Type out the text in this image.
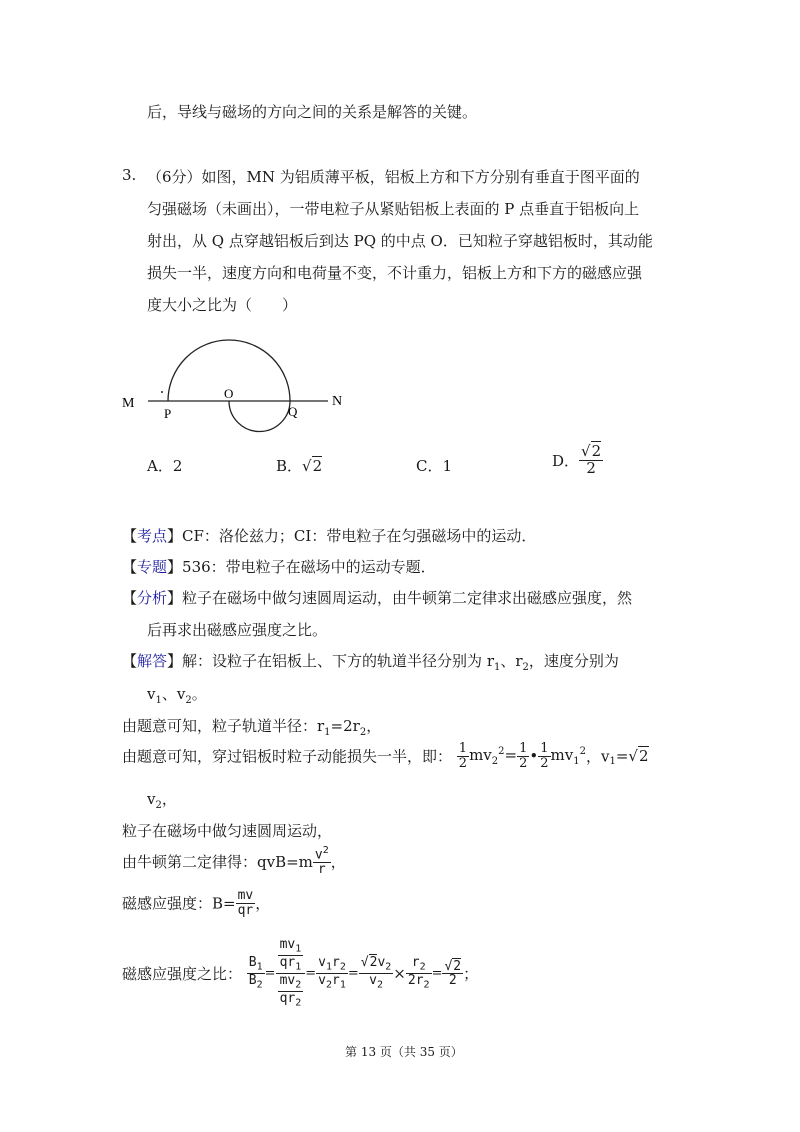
后，导线与磁场的方向之间的关系是解答的关键。
3. （6分）如图，MN 为铝质薄平板，铝板上方和下方分别有垂直于图平面的
匀强磁场（未画出），一带电粒子从紧贴铝板上表面的 P 点垂直于铝板向上
射出，从 Q 点穿越铝板后到达 PQ 的中点 O．已知粒子穿越铝板时，其动能
损失一半，速度方向和电荷量不变，不计重力，铝板上方和下方的磁感应强
度大小之比为（　　）
M
P
O
Q
N
A．2	B．√2	C．1	D． $\frac{√2}{2}$
【考点】CF：洛伦兹力；CI：带电粒子在匀强磁场中的运动．
【专题】536：带电粒子在磁场中的运动专题．
【分析】粒子在磁场中做匀速圆周运动，由牛顿第二定律求出磁感应强度，然
后再求出磁感应强度之比。
【解答】解：设粒子在铝板上、下方的轨道半径分别为 $r_1$、$r_2$，速度分别为
$v_1$、$v_2$。
由题意可知，粒子轨道半径：$r_1=2r_2$，
由题意可知，穿过铝板时粒子动能损失一半，即： $\frac{1}{2} mv_2^2= \frac{1}{2}$ • $\frac{1}{2} mv_1^2$，$v_1=√2$
$v_2$，
粒子在磁场中做匀速圆周运动，
由牛顿第二定律得：$qvB=m \frac{v^2}{r}$ ，
磁感应强度：$B= \frac{mv}{qr}$ ，
磁感应强度之比： $\frac{B_1}{B_2} = \frac{\frac{mv_1}{qr_1}}{\frac{mv_2}{qr_2}} = \frac{v_1r_2}{v_2r_1} = \frac{√2v_2}{v_2} \times \frac{r_2}{2r_2} = \frac{√2}{2}$ ；
第 13 页（共 35 页）
